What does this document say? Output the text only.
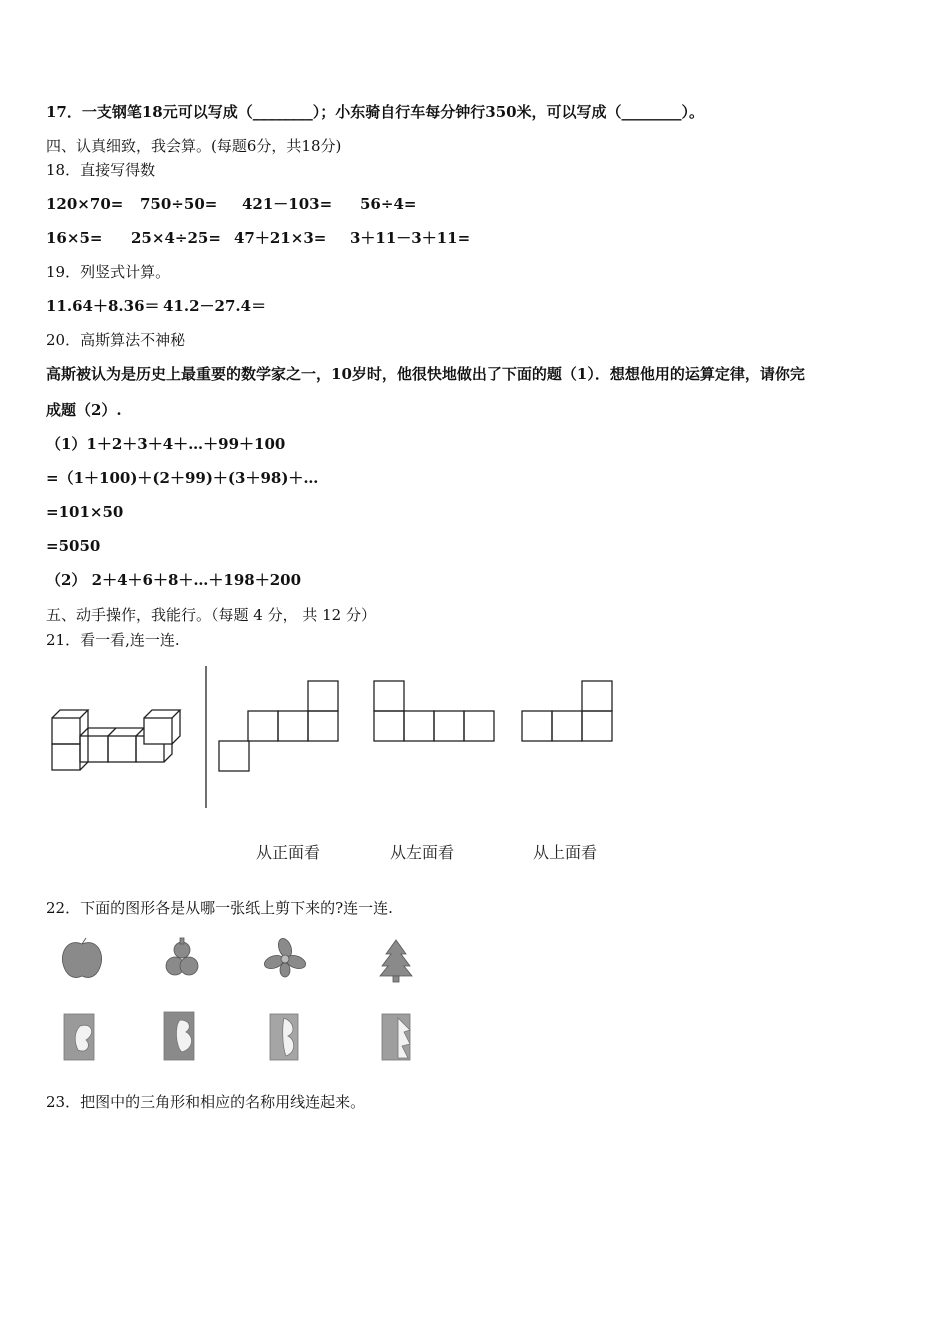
17．一支钢笔18元可以写成（________）；小东骑自行车每分钟行350米，可以写成（________）。
四、认真细致，我会算。(每题6分，共18分)
18．直接写得数
120×70= 750÷50= 421－103= 56÷4=
16×5= 25×4÷25= 47＋21×3= 3＋11－3＋11=
19．列竖式计算。
11.64＋8.36＝ 41.2－27.4＝
20．高斯算法不神秘
高斯被认为是历史上最重要的数学家之一，10岁时，他很快地做出了下面的题（1）．想想他用的运算定律，请你完
成题（2）.
（1）1＋2＋3＋4＋…＋99＋100
=（1＋100)＋(2＋99)＋(3＋98)＋…
=101×50
=5050
（2） 2＋4＋6＋8＋…＋198＋200
五、动手操作，我能行。（每题 4 分， 共 12 分）
21．看一看,连一连.
从正面看	从左面看	从上面看
22．下面的图形各是从哪一张纸上剪下来的?连一连.
23．把图中的三角形和相应的名称用线连起来。
